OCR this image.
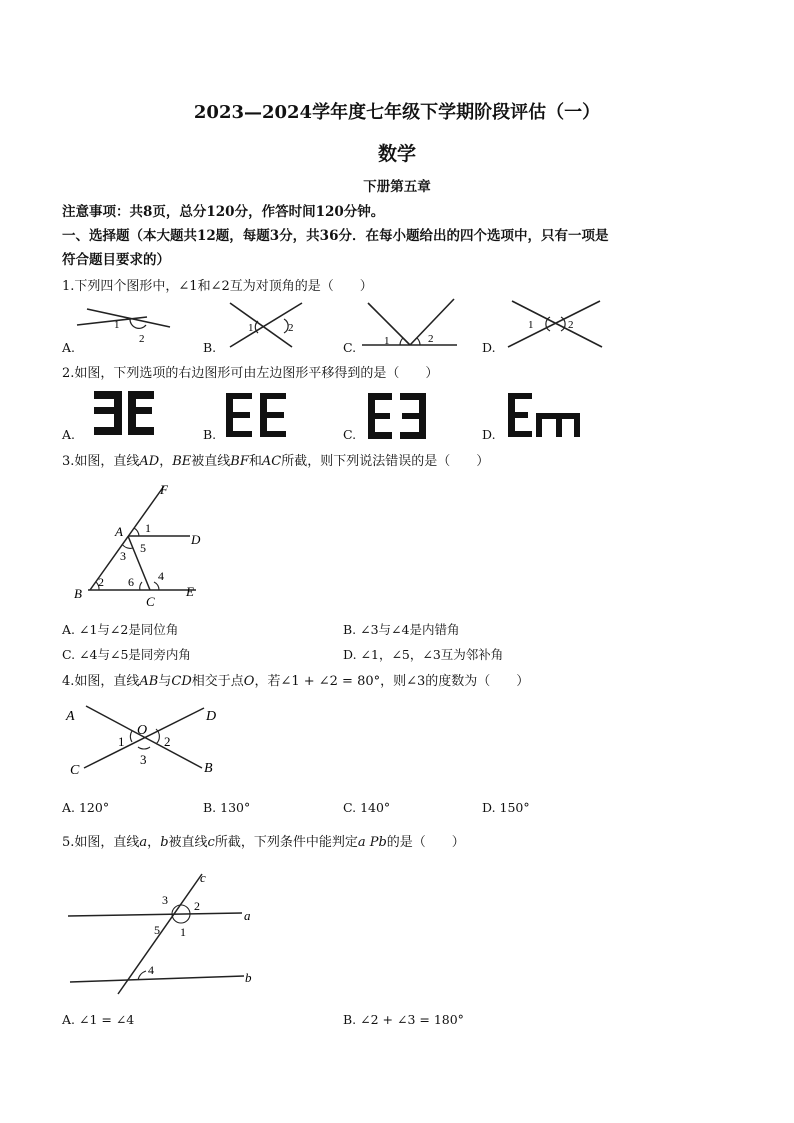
2023—2024学年度七年级下学期阶段评估（一）
数学
下册第五章
注意事项：共8页，总分120分，作答时间120分钟。
一、选择题（本大题共12题，每题3分，共36分．在每小题给出的四个选项中，只有一项是
符合题目要求的）
1.下列四个图形中，∠1和∠2互为对顶角的是（　　）
1
2
1	2
1	2
1	2
A.	B.	C.	D.
2.如图，下列选项的右边图形可由左边图形平移得到的是（　　）
A.	B.	C.	D.
3.如图，直线AD，BE被直线BF和AC所截，则下列说法错误的是（　　）
F
A
D
B
C
E
1
2
3
4
5
6
A. ∠1与∠2是同位角	B. ∠3与∠4是内错角
C. ∠4与∠5是同旁内角	D. ∠1，∠5，∠3互为邻补角
4.如图，直线AB与CD相交于点O，若∠1 + ∠2 = 80°，则∠3的度数为（　　）
A	D
C	B
O
1	2
3
A. 120°	B. 130°	C. 140°	D. 150°
5.如图，直线a，b被直线c所截，下列条件中能判定a Pb的是（　　）
c
a
b
3 2
5 1
4
A. ∠1 = ∠4	B. ∠2 + ∠3 = 180°
